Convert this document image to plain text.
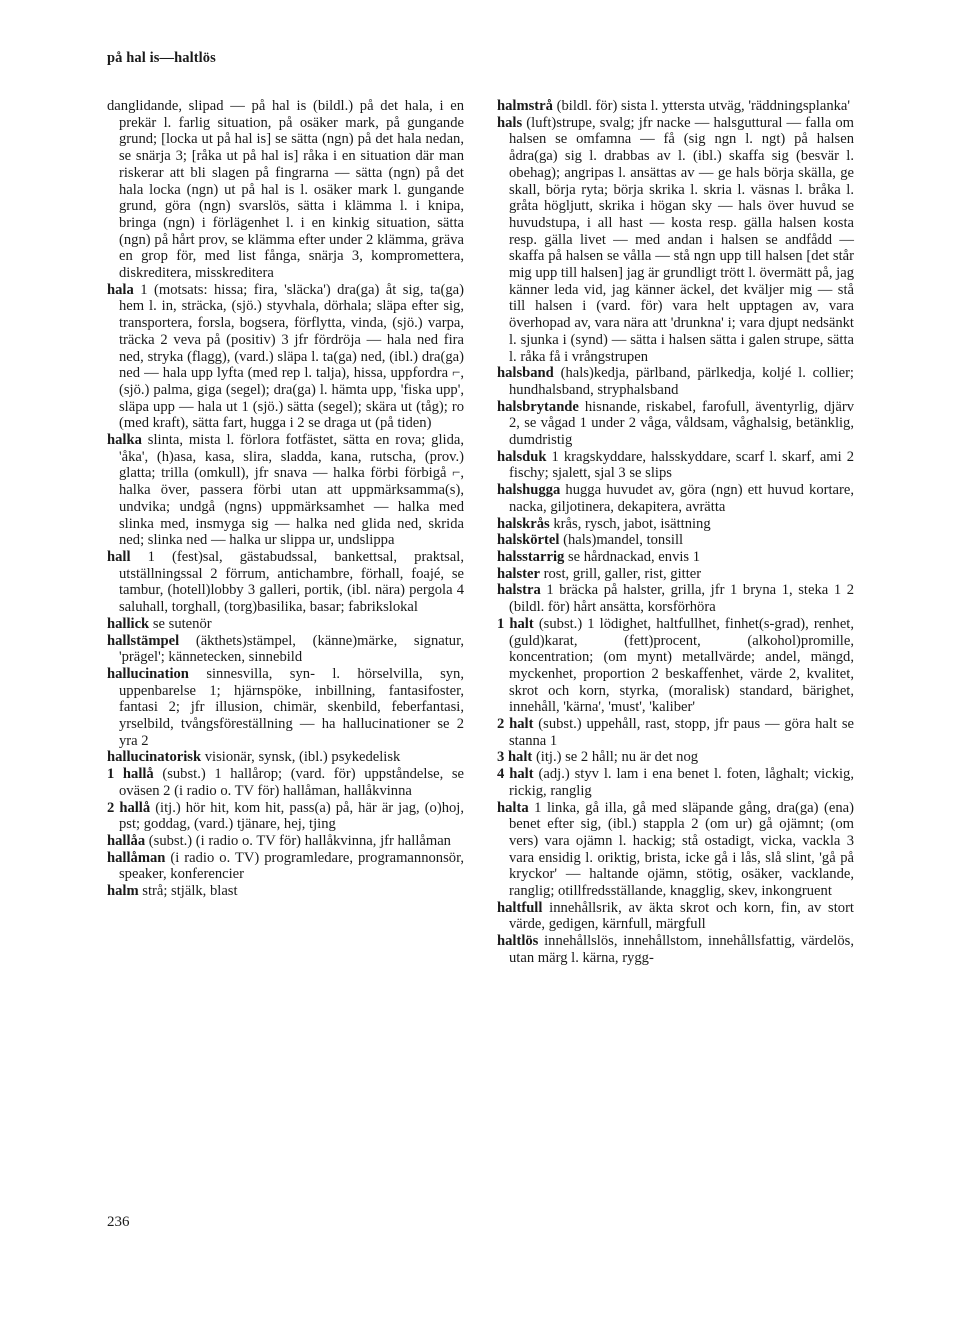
på hal is—haltlös

danglidande, slipad — på hal is (bildl.) på det hala, i en prekär l. farlig situation, på osäker mark, på gungande grund; [locka ut på hal is] se sätta (ngn) på det hala nedan, se snärja 3; [råka ut på hal is] råka i en situation där man riskerar att bli slagen på fingrarna — sätta (ngn) på det hala locka (ngn) ut på hal is l. osäker mark l. gungande grund, göra (ngn) svarslös, sätta i klämma l. i knipa, bringa (ngn) i förlägenhet l. i en kinkig situation, sätta (ngn) på hårt prov, se klämma efter under 2 klämma, gräva en grop för, med list fånga, snärja 3, kompromettera, diskreditera, misskreditera

hala 1 (motsats: hissa; fira, 'släcka') dra(ga) åt sig, ta(ga) hem l. in, sträcka, (sjö.) styvhala, dörhala; släpa efter sig, transportera, forsla, bogsera, förflytta, vinda, (sjö.) varpa, träcka 2 veva på (positiv) 3 jfr fördröja — hala ned fira ned, stryka (flagg), (vard.) släpa l. ta(ga) ned, (ibl.) dra(ga) ned — hala upp lyfta (med rep l. talja), hissa, uppfordra ⌐, (sjö.) palma, giga (segel); dra(ga) l. hämta upp, 'fiska upp', släpa upp — hala ut 1 (sjö.) sätta (segel); skära ut (tåg); ro (med kraft), sätta fart, hugga i 2 se draga ut (på tiden)

halka slinta, mista l. förlora fotfästet, sätta en rova; glida, 'åka', (h)asa, kasa, slira, sladda, kana, rutscha, (prov.) glatta; trilla (omkull), jfr snava — halka förbi förbigå ⌐, halka över, passera förbi utan att uppmärksamma(s), undvika; undgå (ngns) uppmärksamhet — halka med slinka med, insmyga sig — halka ned glida ned, skrida ned; slinka ned — halka ur slippa ur, undslippa

hall 1 (fest)sal, gästabudssal, bankettsal, praktsal, utställningssal 2 förrum, antichambre, förhall, foajé, se tambur, (hotell)lobby 3 galleri, portik, (ibl. nära) pergola 4 saluhall, torghall, (torg)basilika, basar; fabrikslokal

hallick se sutenör

hallstämpel (äkthets)stämpel, (känne)märke, signatur, 'prägel'; kännetecken, sinnebild

hallucination sinnesvilla, syn- l. hörselvilla, syn, uppenbarelse 1; hjärnspöke, inbillning, fantasifoster, fantasi 2; jfr illusion, chimär, skenbild, feberfantasi, yrselbild, tvångsföreställning — ha hallucinationer se 2 yra 2

hallucinatorisk visionär, synsk, (ibl.) psykedelisk

1 hallå (subst.) 1 hallårop; (vard. för) uppståndelse, se oväsen 2 (i radio o. TV för) hallåman, hallåkvinna

2 hallå (itj.) hör hit, kom hit, pass(a) på, här är jag, (o)hoj, pst; goddag, (vard.) tjänare, hej, tjing

hallåa (subst.) (i radio o. TV för) hallåkvinna, jfr hallåman

hallåman (i radio o. TV) programledare, programannonsör, speaker, konferencier

halm strå; stjälk, blast

halmstrå (bildl. för) sista l. yttersta utväg, 'räddningsplanka'

hals (luft)strupe, svalg; jfr nacke — halsguttural — falla om halsen se omfamna — få (sig ngn l. ngt) på halsen ådra(ga) sig l. drabbas av l. (ibl.) skaffa sig (besvär l. obehag); angripas l. ansättas av — ge hals börja skälla, ge skall, börja ryta; börja skrika l. skria l. väsnas l. bråka l. gråta högljutt, skrika i högan sky — hals över huvud se huvudstupa, i all hast — kosta resp. gälla halsen kosta resp. gälla livet — med andan i halsen se andfådd — skaffa på halsen se vålla — stå ngn upp till halsen [det står mig upp till halsen] jag är grundligt trött l. övermätt på, jag känner leda vid, jag känner äckel, det kväljer mig — stå till halsen i (vard. för) vara helt upptagen av, vara överhopad av, vara nära att 'drunkna' i; vara djupt nedsänkt l. sjunka i (synd) — sätta i halsen sätta i galen strupe, sätta l. råka få i vrångstrupen

halsband (hals)kedja, pärlband, pärlkedja, koljé l. collier; hundhalsband, stryphalsband

halsbrytande hisnande, riskabel, farofull, äventyrlig, djärv 2, se vågad 1 under 2 våga, våldsam, våghalsig, betänklig, dumdristig

halsduk 1 kragskyddare, halsskyddare, scarf l. skarf, ami 2 fischy; sjalett, sjal 3 se slips

halshugga hugga huvudet av, göra (ngn) ett huvud kortare, nacka, giljotinera, dekapitera, avrätta

halskrås krås, rysch, jabot, isättning

halskörtel (hals)mandel, tonsill

halsstarrig se hårdnackad, envis 1

halster rost, grill, galler, rist, gitter

halstra 1 bräcka på halster, grilla, jfr 1 bryna 1, steka 1 2 (bildl. för) hårt ansätta, korsförhöra

1 halt (subst.) 1 lödighet, haltfullhet, finhet(s-grad), renhet, (guld)karat, (fett)procent, (alkohol)promille, koncentration; (om mynt) metallvärde; andel, mängd, myckenhet, proportion 2 beskaffenhet, värde 2, kvalitet, skrot och korn, styrka, (moralisk) standard, bärighet, innehåll, 'kärna', 'must', 'kaliber'

2 halt (subst.) uppehåll, rast, stopp, jfr paus — göra halt se stanna 1

3 halt (itj.) se 2 håll; nu är det nog

4 halt (adj.) styv l. lam i ena benet l. foten, låghalt; vickig, rickig, ranglig

halta 1 linka, gå illa, gå med släpande gång, dra(ga) (ena) benet efter sig, (ibl.) stappla 2 (om ur) gå ojämnt; (om vers) vara ojämn l. hackig; stå ostadigt, vicka, vackla 3 vara ensidig l. oriktig, brista, icke gå i lås, slå slint, 'gå på kryckor' — haltande ojämn, stötig, osäker, vacklande, ranglig; otillfredsställande, knagglig, skev, inkongruent

haltfull innehållsrik, av äkta skrot och korn, fin, av stort värde, gedigen, kärnfull, märgfull

haltlös innehållslös, innehållstom, innehållsfattig, värdelös, utan märg l. kärna, rygg-

236
